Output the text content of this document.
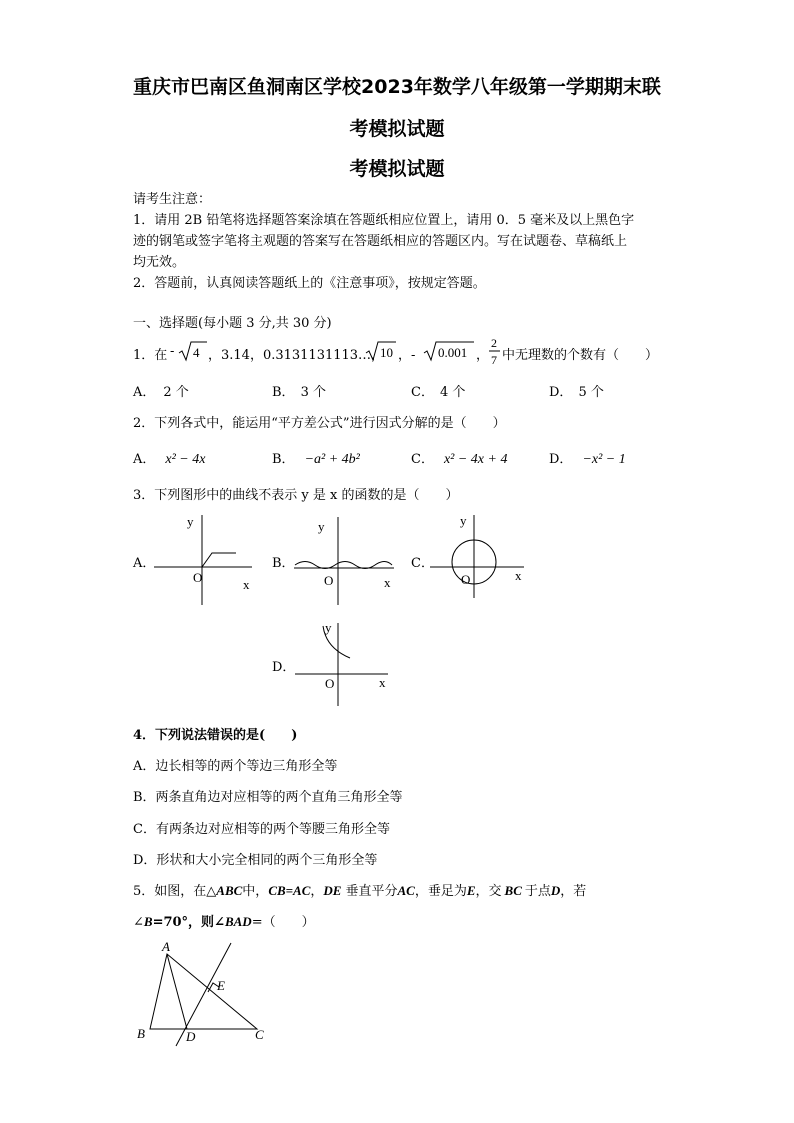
重庆市巴南区鱼洞南区学校2023年数学八年级第一学期期末联
考模拟试题
考模拟试题
请考生注意：
1．请用 2B 铅笔将选择题答案涂填在答题纸相应位置上，请用 0．5 毫米及以上黑色字
迹的钢笔或签字笔将主观题的答案写在答题纸相应的答题区内。写在试题卷、草稿纸上
均无效。
2．答题前，认真阅读答题纸上的《注意事项》，按规定答题。
一、选择题(每小题 3 分,共 30 分)
1．在 - 4 ，3.14，0.3131131113…，
10 ，- 0.001 ，
2
7 中无理数的个数有（　　）
A． 2 个	B． 3 个	C． 4 个	D． 5 个
2．下列各式中，能运用“平方差公式”进行因式分解的是（　　）
A． x² − 4x	B． −a² + 4b²	C． x² − 4x + 4	D． −x² − 1
3．下列图形中的曲线不表示 y 是 x 的函数的是（　　）
A．
y
O	x
B．
y
O	x
C．
y
O	x
D．
y
O	x
4．下列说法错误的是(　　)
A．边长相等的两个等边三角形全等
B．两条直角边对应相等的两个直角三角形全等
C．有两条边对应相等的两个等腰三角形全等
D．形状和大小完全相同的两个三角形全等
5．如图，在△ABC中，CB=AC，DE 垂直平分AC，垂足为E，交 BC 于点D，若
∠B=70°，则∠BAD=（　　）
A
B	D	C
E
